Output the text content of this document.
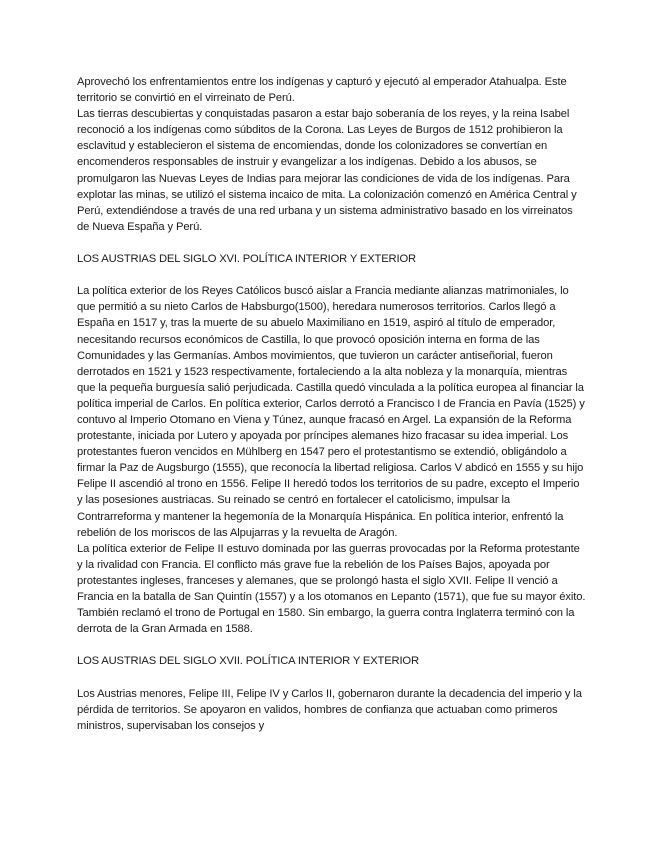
Aprovechó los enfrentamientos entre los indígenas y capturó y ejecutó al emperador Atahualpa. Este territorio se convirtió en el virreinato de Perú.

Las tierras descubiertas y conquistadas pasaron a estar bajo soberanía de los reyes, y la reina Isabel reconoció a los indígenas como súbditos de la Corona. Las Leyes de Burgos de 1512 prohibieron la esclavitud y establecieron el sistema de encomiendas, donde los colonizadores se convertían en encomenderos responsables de instruir y evangelizar a los indígenas. Debido a los abusos, se promulgaron las Nuevas Leyes de Indias para mejorar las condiciones de vida de los indígenas. Para explotar las minas, se utilizó el sistema incaico de mita. La colonización comenzó en América Central y Perú, extendiéndose a través de una red urbana y un sistema administrativo basado en los virreinatos de Nueva España y Perú.

LOS AUSTRIAS DEL SIGLO XVI. POLÍTICA INTERIOR Y EXTERIOR

La política exterior de los Reyes Católicos buscó aislar a Francia mediante alianzas matrimoniales, lo que permitió a su nieto Carlos de Habsburgo(1500), heredara numerosos territorios. Carlos llegó a España en 1517 y, tras la muerte de su abuelo Maximiliano en 1519, aspiró al título de emperador, necesitando recursos económicos de Castilla, lo que provocó oposición interna en forma de las Comunidades y las Germanías. Ambos movimientos, que tuvieron un carácter antiseñorial, fueron derrotados en 1521 y 1523 respectivamente, fortaleciendo a la alta nobleza y la monarquía, mientras que la pequeña burguesía salió perjudicada. Castilla quedó vinculada a la política europea al financiar la política imperial de Carlos. En política exterior, Carlos derrotó a Francisco I de Francia en Pavía (1525) y contuvo al Imperio Otomano en Viena y Túnez, aunque fracasó en Argel. La expansión de la Reforma protestante, iniciada por Lutero y apoyada por príncipes alemanes hizo fracasar su idea imperial. Los protestantes fueron vencidos en Mühlberg en 1547 pero el protestantismo se extendió, obligándolo a firmar la Paz de Augsburgo (1555), que reconocía la libertad religiosa. Carlos V abdicó en 1555 y su hijo Felipe II ascendió al trono en 1556. Felipe II heredó todos los territorios de su padre, excepto el Imperio y las posesiones austriacas. Su reinado se centró en fortalecer el catolicismo, impulsar la Contrarreforma y mantener la hegemonía de la Monarquía Hispánica. En política interior, enfrentó la rebelión de los moriscos de las Alpujarras y la revuelta de Aragón.

La política exterior de Felipe II estuvo dominada por las guerras provocadas por la Reforma protestante y la rivalidad con Francia. El conflicto más grave fue la rebelión de los Países Bajos, apoyada por protestantes ingleses, franceses y alemanes, que se prolongó hasta el siglo XVII. Felipe II venció a Francia en la batalla de San Quintín (1557) y a los otomanos en Lepanto (1571), que fue su mayor éxito. También reclamó el trono de Portugal en 1580. Sin embargo, la guerra contra Inglaterra terminó con la derrota de la Gran Armada en 1588.

LOS AUSTRIAS DEL SIGLO XVII. POLÍTICA INTERIOR Y EXTERIOR

Los Austrias menores, Felipe III, Felipe IV y Carlos II, gobernaron durante la decadencia del imperio y la pérdida de territorios. Se apoyaron en validos, hombres de confianza que actuaban como primeros ministros, supervisaban los consejos y
